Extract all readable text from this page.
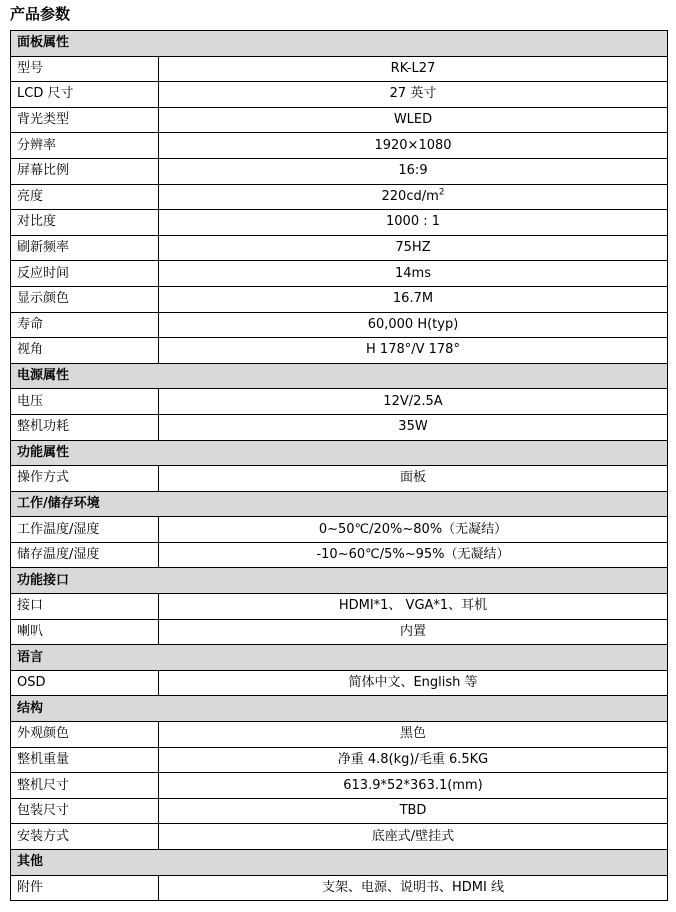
产品参数
面板属性	
型号	RK-L27
LCD 尺寸	27 英寸
背光类型	WLED
分辨率	1920×1080
屏幕比例	16:9
亮度	$220cd/m^2$
对比度	1000 : 1
刷新频率	75HZ
反应时间	14ms
显示颜色	16.7M
寿命	60,000 H(typ)
视角	H 178°/V 178°
电源属性	
电压	12V/2.5A
整机功耗	35W
功能属性	
操作方式	面板
工作/储存环境	
工作温度/湿度	0~50℃/20%~80%（无凝结）
储存温度/湿度	-10~60℃/5%~95%（无凝结）
功能接口	
接口	HDMI*1、 VGA*1、耳机
喇叭	内置
语言	
OSD	简体中文、English 等
结构	
外观颜色	黑色
整机重量	净重 4.8(kg)/毛重 6.5KG
整机尺寸	613.9*52*363.1(mm)
包装尺寸	TBD
安装方式	底座式/壁挂式
其他	
附件	支架、电源、说明书、HDMI 线
